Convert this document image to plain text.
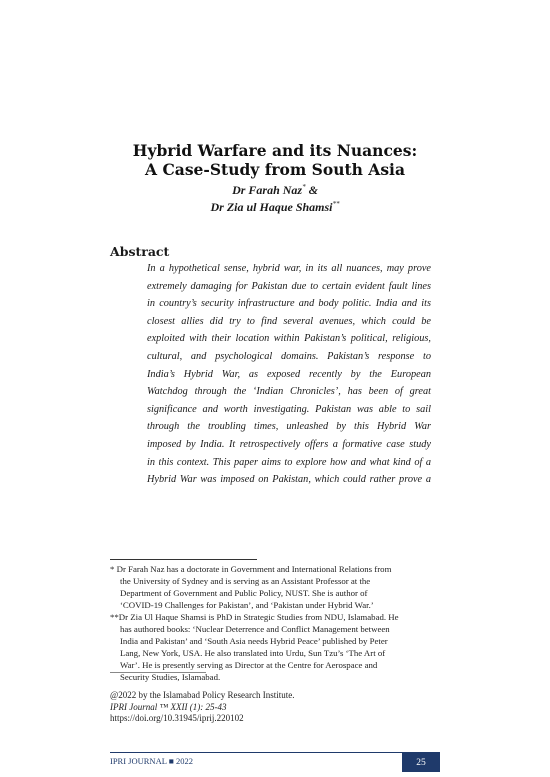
Hybrid Warfare and its Nuances:
A Case-Study from South Asia
Dr Farah Naz* &
Dr Zia ul Haque Shamsi**
Abstract
In a hypothetical sense, hybrid war, in its all nuances, may prove
extremely damaging for Pakistan due to certain evident fault lines
in country’s security infrastructure and body politic. India and its
closest allies did try to find several avenues, which could be
exploited with their location within Pakistan’s political, religious,
cultural, and psychological domains. Pakistan’s response to
India’s Hybrid War, as exposed recently by the European
Watchdog through the ‘Indian Chronicles’, has been of great
significance and worth investigating. Pakistan was able to sail
through the troubling times, unleashed by this Hybrid War
imposed by India. It retrospectively offers a formative case study
in this context. This paper aims to explore how and what kind of a
Hybrid War was imposed on Pakistan, which could rather prove a
* Dr Farah Naz has a doctorate in Government and International Relations from
the University of Sydney and is serving as an Assistant Professor at the
Department of Government and Public Policy, NUST. She is author of
‘COVID-19 Challenges for Pakistan’, and ‘Pakistan under Hybrid War.’
**Dr Zia Ul Haque Shamsi is PhD in Strategic Studies from NDU, Islamabad. He
has authored books: ‘Nuclear Deterrence and Conflict Management between
India and Pakistan’ and ‘South Asia needs Hybrid Peace’ published by Peter
Lang, New York, USA. He also translated into Urdu, Sun Tzu’s ‘The Art of
War’. He is presently serving as Director at the Centre for Aerospace and
Security Studies, Islamabad.
@2022 by the Islamabad Policy Research Institute.
IPRI Journal ™ XXII (1): 25-43
https://doi.org/10.31945/iprij.220102
IPRI JOURNAL ■ 2022	25
